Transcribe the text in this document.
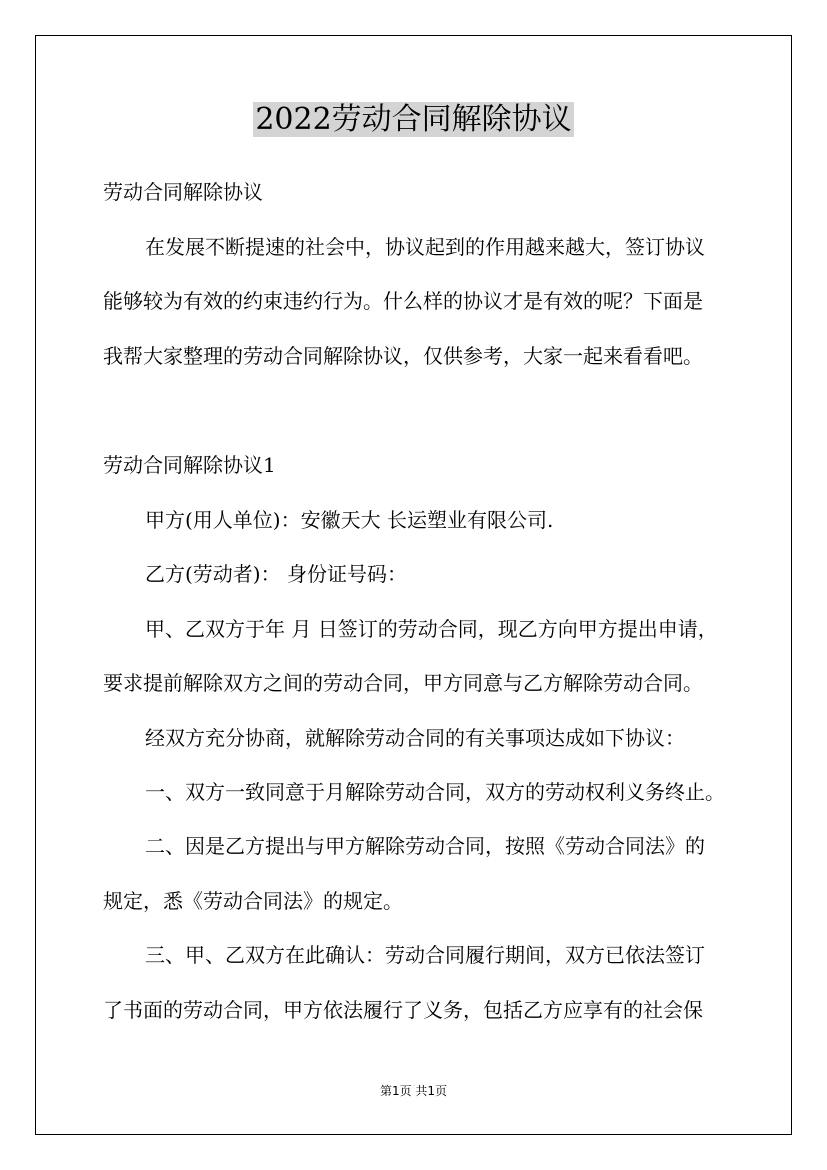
2022劳动合同解除协议
劳动合同解除协议
在发展不断提速的社会中，协议起到的作用越来越大，签订协议
能够较为有效的约束违约行为。什么样的协议才是有效的呢？下面是
我帮大家整理的劳动合同解除协议，仅供参考，大家一起来看看吧。
劳动合同解除协议1
甲方(用人单位)：安徽天大 长运塑业有限公司.
乙方(劳动者)： 身份证号码：
甲、乙双方于年 月 日签订的劳动合同，现乙方向甲方提出申请，
要求提前解除双方之间的劳动合同，甲方同意与乙方解除劳动合同。
经双方充分协商，就解除劳动合同的有关事项达成如下协议：
一、双方一致同意于月解除劳动合同，双方的劳动权利义务终止。
二、因是乙方提出与甲方解除劳动合同，按照《劳动合同法》的
规定，悉《劳动合同法》的规定。
三、甲、乙双方在此确认：劳动合同履行期间，双方已依法签订
了书面的劳动合同，甲方依法履行了义务，包括乙方应享有的社会保
第1页 共1页
